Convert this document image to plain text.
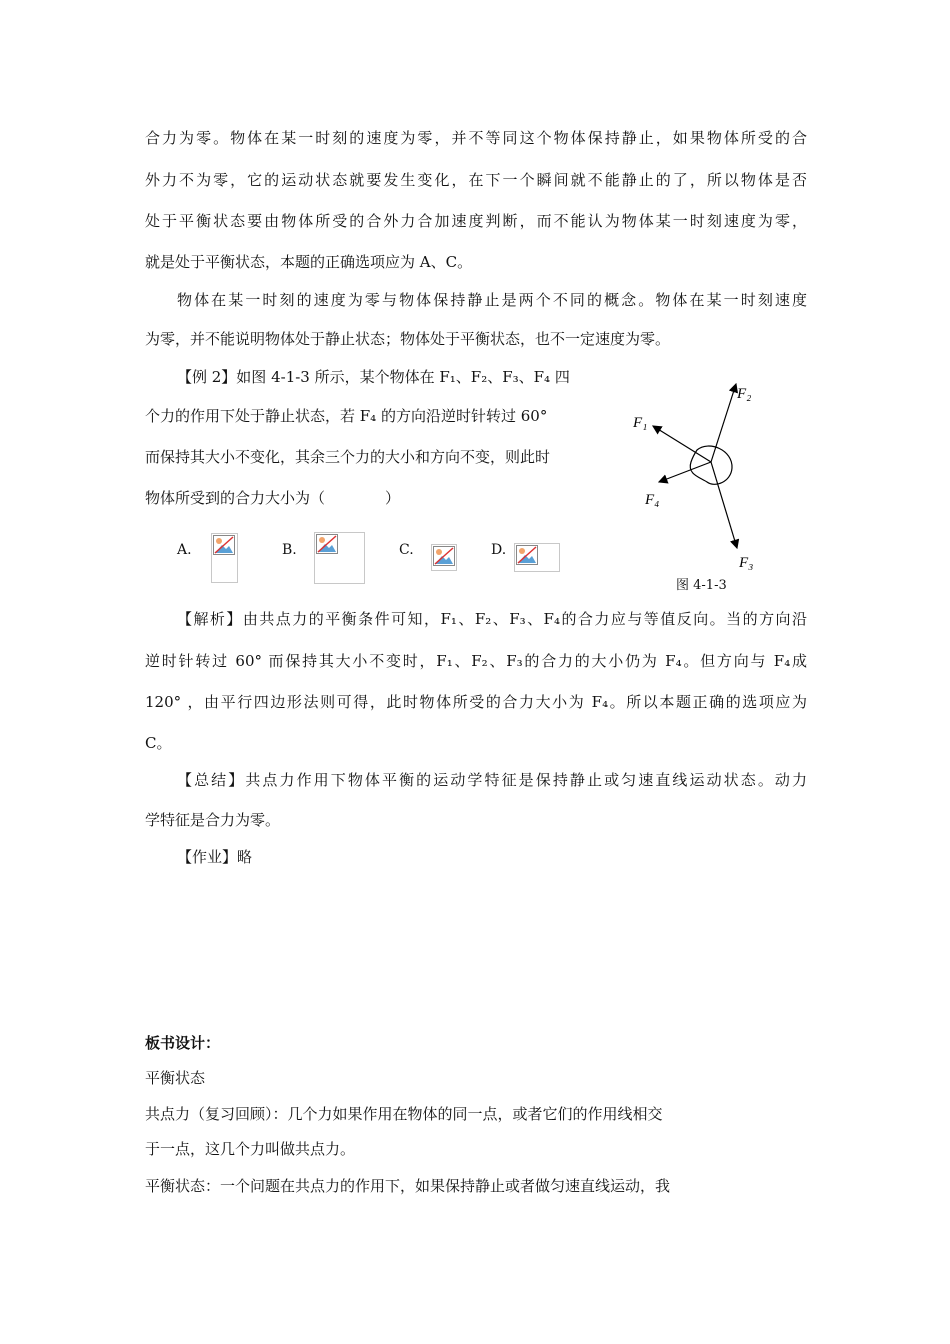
合力为零。物体在某一时刻的速度为零，并不等同这个物体保持静止，如果物体所受的合
外力不为零，它的运动状态就要发生变化，在下一个瞬间就不能静止的了，所以物体是否
处于平衡状态要由物体所受的合外力合加速度判断，而不能认为物体某一时刻速度为零，
就是处于平衡状态，本题的正确选项应为 A、C。
物体在某一时刻的速度为零与物体保持静止是两个不同的概念。物体在某一时刻速度
为零，并不能说明物体处于静止状态；物体处于平衡状态，也不一定速度为零。
【例 2】如图 4-1-3 所示，某个物体在 F₁、F₂、F₃、F₄ 四
个力的作用下处于静止状态，若 F₄ 的方向沿逆时针转过 60°
而保持其大小不变化，其余三个力的大小和方向不变，则此时
物体所受到的合力大小为（　　　　）
A.	B.	C.	D.
F₁
F₂
F₃
F₄
图 4-1-3
【解析】由共点力的平衡条件可知，F₁、F₂、F₃、F₄的合力应与等值反向。当的方向沿
逆时针转过 60° 而保持其大小不变时，F₁、F₂、F₃的合力的大小仍为 F₄。但方向与 F₄成
120° ，由平行四边形法则可得，此时物体所受的合力大小为 F₄。所以本题正确的选项应为
C。
【总结】共点力作用下物体平衡的运动学特征是保持静止或匀速直线运动状态。动力
学特征是合力为零。
【作业】略
板书设计：
平衡状态
共点力（复习回顾）：几个力如果作用在物体的同一点，或者它们的作用线相交
于一点，这几个力叫做共点力。
平衡状态：一个问题在共点力的作用下，如果保持静止或者做匀速直线运动，我
